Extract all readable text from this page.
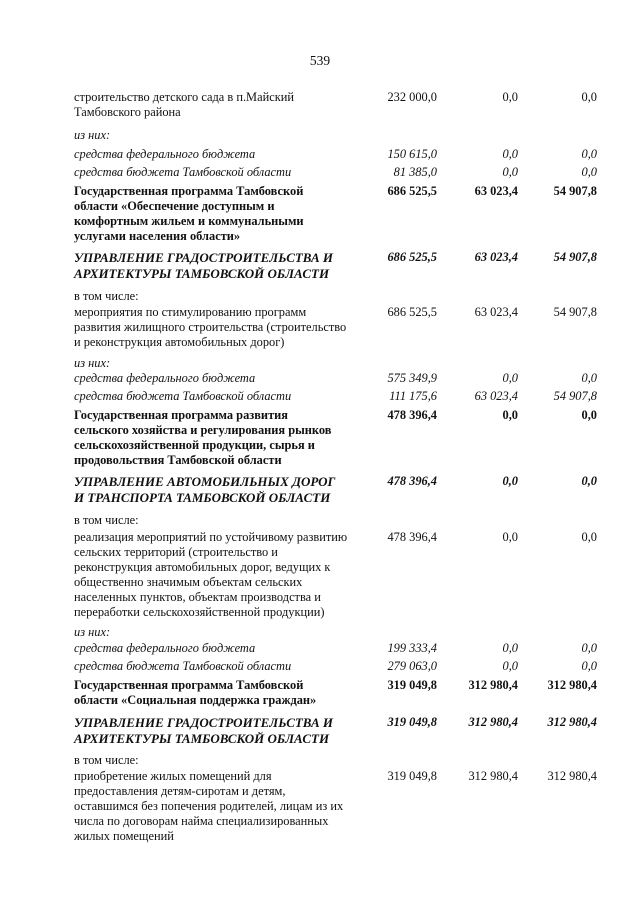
539
строительство детского сада в п.Майский
Тамбовского района
232 000,0	0,0	0,0
из них:
средства федерального бюджета	150 615,0	0,0	0,0
средства бюджета Тамбовской области	81 385,0	0,0	0,0
Государственная программа Тамбовской
области «Обеспечение доступным и
комфортным жильем и коммунальными
услугами населения области»
686 525,5	63 023,4	54 907,8
УПРАВЛЕНИЕ ГРАДОСТРОИТЕЛЬСТВА И
АРХИТЕКТУРЫ ТАМБОВСКОЙ ОБЛАСТИ
686 525,5	63 023,4	54 907,8
в том числе:
мероприятия по стимулированию программ
развития жилищного строительства (строительство
и реконструкция автомобильных дорог)
686 525,5	63 023,4	54 907,8
из них:
средства федерального бюджета	575 349,9	0,0	0,0
средства бюджета Тамбовской области	111 175,6	63 023,4	54 907,8
Государственная программа развития
сельского хозяйства и регулирования рынков
сельскохозяйственной продукции, сырья и
продовольствия Тамбовской области
478 396,4	0,0	0,0
УПРАВЛЕНИЕ АВТОМОБИЛЬНЫХ ДОРОГ
И ТРАНСПОРТА ТАМБОВСКОЙ ОБЛАСТИ
478 396,4	0,0	0,0
в том числе:
реализация мероприятий по устойчивому развитию
сельских территорий (строительство и
реконструкция автомобильных дорог, ведущих к
общественно значимым объектам сельских
населенных пунктов, объектам производства и
переработки сельскохозяйственной продукции)
478 396,4	0,0	0,0
из них:
средства федерального бюджета	199 333,4	0,0	0,0
средства бюджета Тамбовской области	279 063,0	0,0	0,0
Государственная программа Тамбовской
области «Социальная поддержка граждан»
319 049,8	312 980,4	312 980,4
УПРАВЛЕНИЕ ГРАДОСТРОИТЕЛЬСТВА И
АРХИТЕКТУРЫ ТАМБОВСКОЙ ОБЛАСТИ
319 049,8	312 980,4	312 980,4
в том числе:
приобретение жилых помещений для
предоставления детям-сиротам и детям,
оставшимся без попечения родителей, лицам из их
числа по договорам найма специализированных
жилых помещений
319 049,8	312 980,4	312 980,4
